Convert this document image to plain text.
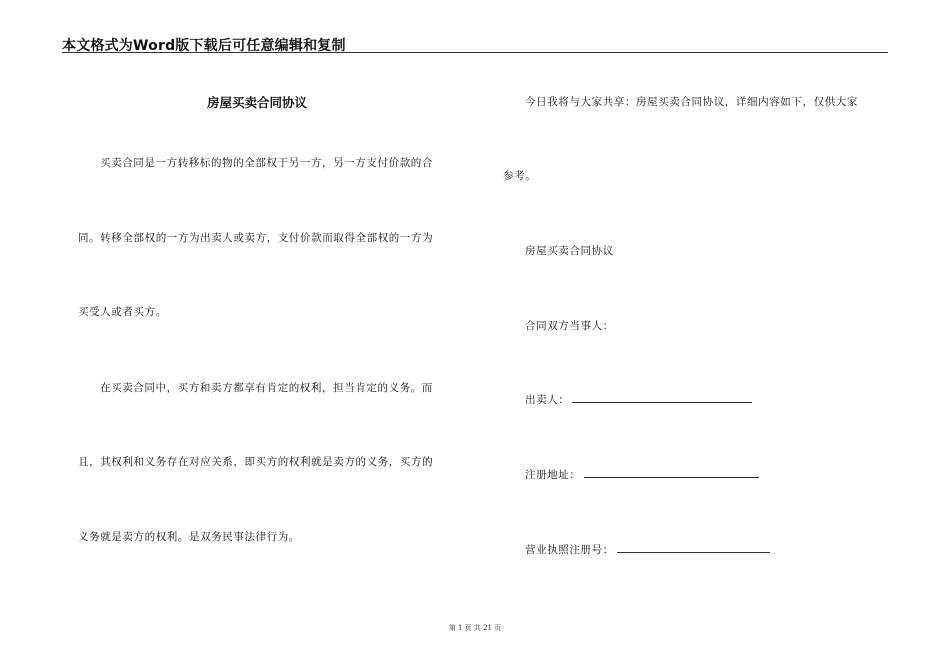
本文格式为Word版下载后可任意编辑和复制
房屋买卖合同协议
买卖合同是一方转移标的物的全部权于另一方，另一方支付价款的合
同。转移全部权的一方为出卖人或卖方，支付价款而取得全部权的一方为
买受人或者买方。
在买卖合同中，买方和卖方都享有肯定的权利，担当肯定的义务。而
且，其权利和义务存在对应关系，即买方的权利就是卖方的义务，买方的
义务就是卖方的权利。是双务民事法律行为。
今日我将与大家共享：房屋买卖合同协议，详细内容如下，仅供大家
参考。
房屋买卖合同协议
合同双方当事人：
出卖人：
注册地址：
营业执照注册号：
第 1 页 共 21 页
